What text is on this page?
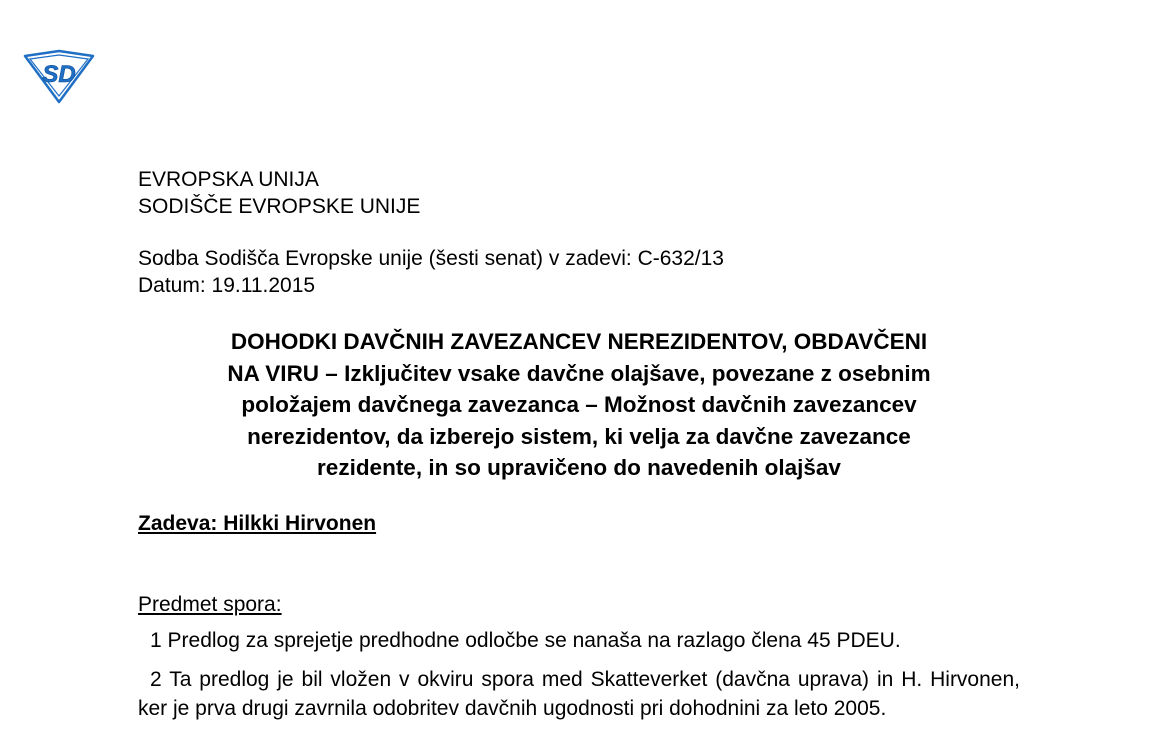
SD
EVROPSKA UNIJA
SODIŠČE EVROPSKE UNIJE
Sodba Sodišča Evropske unije (šesti senat) v zadevi: C-632/13
Datum: 19.11.2015
DOHODKI DAVČNIH ZAVEZANCEV NEREZIDENTOV, OBDAVČENI
NA VIRU – Izključitev vsake davčne olajšave, povezane z osebnim
položajem davčnega zavezanca – Možnost davčnih zavezancev
nerezidentov, da izberejo sistem, ki velja za davčne zavezance
rezidente, in so upravičeno do navedenih olajšav
Zadeva: Hilkki Hirvonen
Predmet spora:

1 Predlog za sprejetje predhodne odločbe se nanaša na razlago člena 45 PDEU.

2 Ta predlog je bil vložen v okviru spora med Skatteverket (davčna uprava) in H. Hirvonen, ker je prva drugi zavrnila odobritev davčnih ugodnosti pri dohodnini za leto 2005.
